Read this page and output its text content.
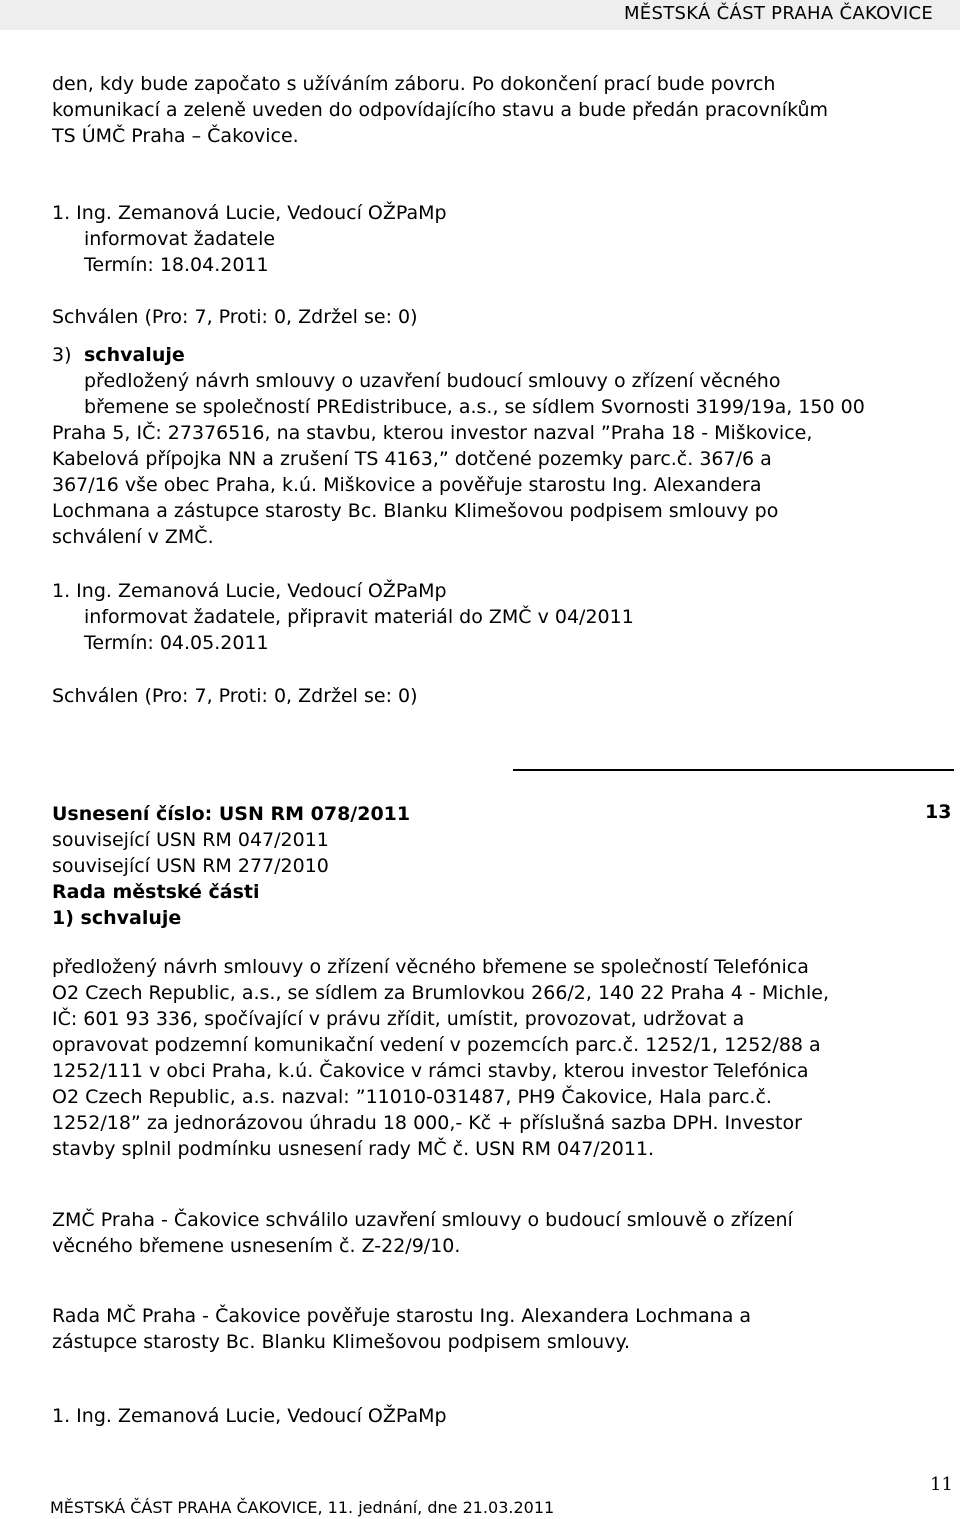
MĚSTSKÁ ČÁST PRAHA ČAKOVICE
den, kdy bude započato s užíváním záboru. Po dokončení prací bude povrch
komunikací a zeleně uveden do odpovídajícího stavu a bude předán pracovníkům
TS ÚMČ Praha – Čakovice.
1. Ing. Zemanová Lucie, Vedoucí OŽPaMp
informovat žadatele
Termín: 18.04.2011
Schválen (Pro: 7, Proti: 0, Zdržel se: 0)
3) schvaluje
předložený návrh smlouvy o uzavření budoucí smlouvy o zřízení věcného
břemene se společností PREdistribuce, a.s., se sídlem Svornosti 3199/19a, 150 00
Praha 5, IČ: 27376516, na stavbu, kterou investor nazval ”Praha 18 - Miškovice,
Kabelová přípojka NN a zrušení TS 4163,” dotčené pozemky parc.č. 367/6 a
367/16 vše obec Praha, k.ú. Miškovice a pověřuje starostu Ing. Alexandera
Lochmana a zástupce starosty Bc. Blanku Klimešovou podpisem smlouvy po
schválení v ZMČ.
1. Ing. Zemanová Lucie, Vedoucí OŽPaMp
informovat žadatele, připravit materiál do ZMČ v 04/2011
Termín: 04.05.2011
Schválen (Pro: 7, Proti: 0, Zdržel se: 0)
Usnesení číslo: USN RM 078/2011	13
související USN RM 047/2011
související USN RM 277/2010
Rada městské části
1) schvaluje
předložený návrh smlouvy o zřízení věcného břemene se společností Telefónica
O2 Czech Republic, a.s., se sídlem za Brumlovkou 266/2, 140 22 Praha 4 - Michle,
IČ: 601 93 336, spočívající v právu zřídit, umístit, provozovat, udržovat a
opravovat podzemní komunikační vedení v pozemcích parc.č. 1252/1, 1252/88 a
1252/111 v obci Praha, k.ú. Čakovice v rámci stavby, kterou investor Telefónica
O2 Czech Republic, a.s. nazval: ”11010-031487, PH9 Čakovice, Hala parc.č.
1252/18” za jednorázovou úhradu 18 000,- Kč + příslušná sazba DPH. Investor
stavby splnil podmínku usnesení rady MČ č. USN RM 047/2011.
ZMČ Praha - Čakovice schválilo uzavření smlouvy o budoucí smlouvě o zřízení
věcného břemene usnesením č. Z-22/9/10.
Rada MČ Praha - Čakovice pověřuje starostu Ing. Alexandera Lochmana a
zástupce starosty Bc. Blanku Klimešovou podpisem smlouvy.
1. Ing. Zemanová Lucie, Vedoucí OŽPaMp
11
MĚSTSKÁ ČÁST PRAHA ČAKOVICE, 11. jednání, dne 21.03.2011
